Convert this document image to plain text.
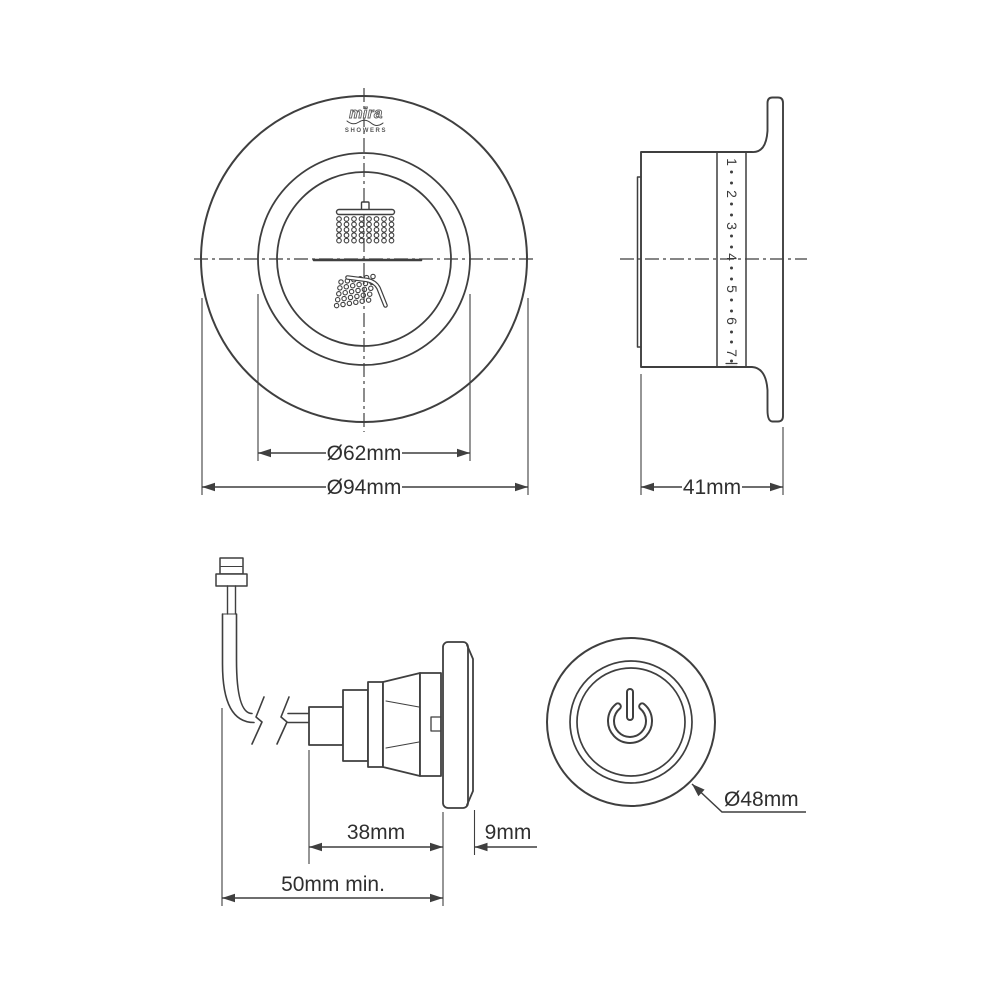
mira
SHOWERS
Ø62mm
Ø94mm
1
2
3
4
5
6
7
41mm
38mm	9mm
50mm min.
Ø48mm
